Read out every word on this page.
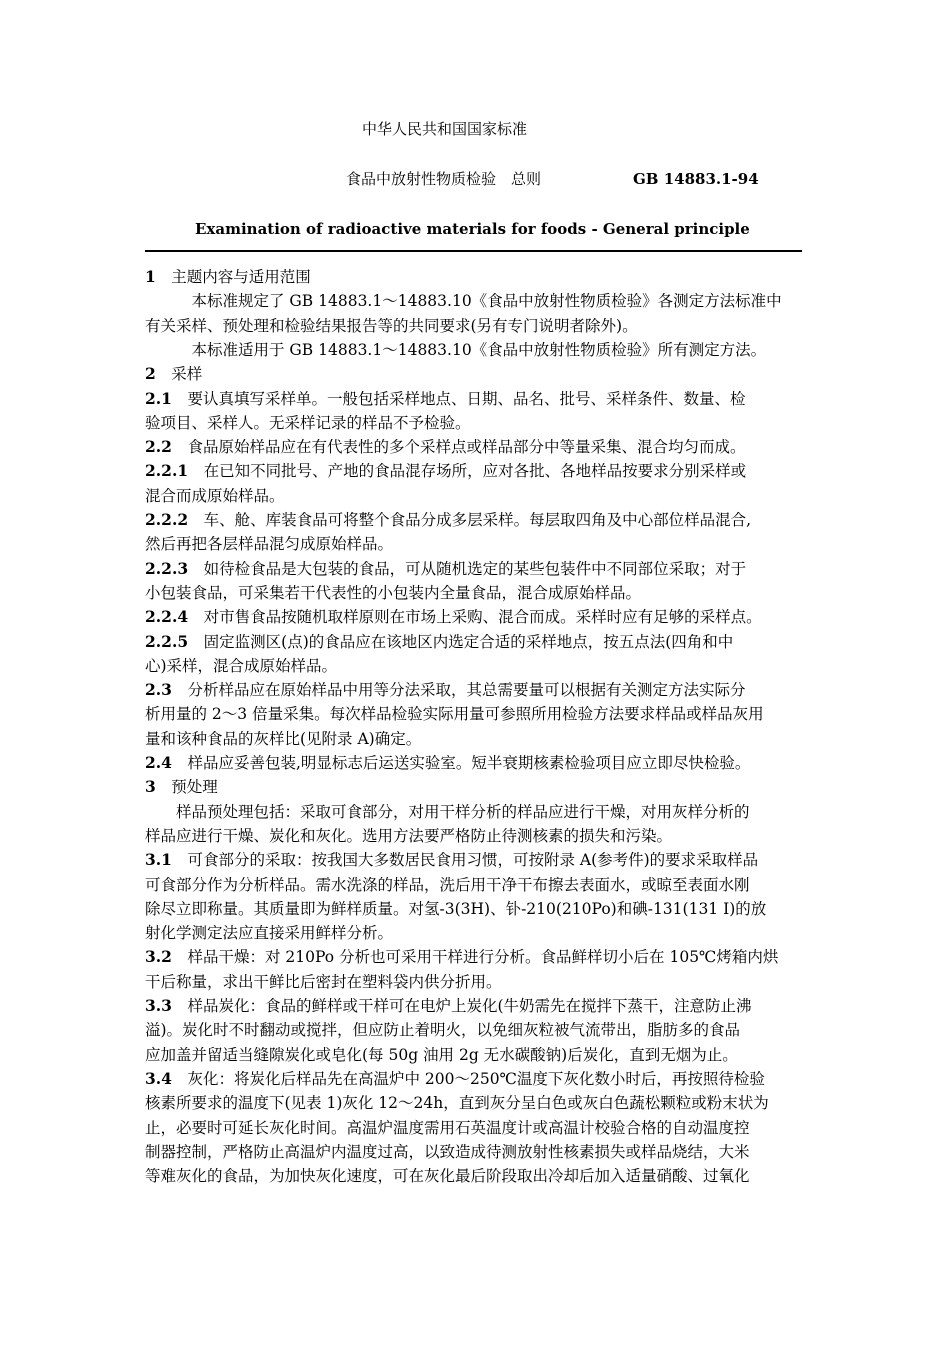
中华人民共和国国家标准
食品中放射性物质检验　总则	GB 14883.1-94
Examination of radioactive materials for foods - General principle
1　主题内容与适用范围
　　　本标准规定了 GB 14883.1～14883.10《食品中放射性物质检验》各测定方法标准中
有关采样、预处理和检验结果报告等的共同要求(另有专门说明者除外)。
　　　本标准适用于 GB 14883.1～14883.10《食品中放射性物质检验》所有测定方法。
2　采样
2.1　要认真填写采样单。一般包括采样地点、日期、品名、批号、采样条件、数量、检
验项目、采样人。无采样记录的样品不予检验。
2.2　食品原始样品应在有代表性的多个采样点或样品部分中等量采集、混合均匀而成。
2.2.1　在已知不同批号、产地的食品混存场所，应对各批、各地样品按要求分别采样或
混合而成原始样品。
2.2.2　车、舱、库装食品可将整个食品分成多层采样。每层取四角及中心部位样品混合,
然后再把各层样品混匀成原始样品。
2.2.3　如待检食品是大包装的食品，可从随机选定的某些包装件中不同部位采取；对于
小包装食品，可采集若干代表性的小包装内全量食品，混合成原始样品。
2.2.4　对市售食品按随机取样原则在市场上采购、混合而成。采样时应有足够的采样点。
2.2.5　固定监测区(点)的食品应在该地区内选定合适的采样地点，按五点法(四角和中
心)采样，混合成原始样品。
2.3　分析样品应在原始样品中用等分法采取，其总需要量可以根据有关测定方法实际分
析用量的 2～3 倍量采集。每次样品检验实际用量可参照所用检验方法要求样品或样品灰用
量和该种食品的灰样比(见附录 A)确定。
2.4　样品应妥善包装,明显标志后运送实验室。短半衰期核素检验项目应立即尽快检验。
3　预处理
　　样品预处理包括：采取可食部分，对用干样分析的样品应进行干燥，对用灰样分析的
样品应进行干燥、炭化和灰化。选用方法要严格防止待测核素的损失和污染。
3.1　可食部分的采取：按我国大多数居民食用习惯，可按附录 A(参考件)的要求采取样品
可食部分作为分析样品。需水洗涤的样品，洗后用干净干布擦去表面水，或晾至表面水刚
除尽立即称量。其质量即为鲜样质量。对氢-3(3H)、钋-210(210Po)和碘-131(131 I)的放
射化学测定法应直接采用鲜样分析。
3.2　样品干燥：对 210Po 分析也可采用干样进行分析。食品鲜样切小后在 105℃烤箱内烘
干后称量，求出干鲜比后密封在塑料袋内供分折用。
3.3　样品炭化：食品的鲜样或干样可在电炉上炭化(牛奶需先在搅拌下蒸干，注意防止沸
溢)。炭化时不时翻动或搅拌，但应防止着明火，以免细灰粒被气流带出，脂肪多的食品
应加盖并留适当缝隙炭化或皂化(每 50g 油用 2g 无水碳酸钠)后炭化，直到无烟为止。
3.4　灰化：将炭化后样品先在高温炉中 200～250℃温度下灰化数小时后，再按照待检验
核素所要求的温度下(见表 1)灰化 12～24h，直到灰分呈白色或灰白色蔬松颗粒或粉末状为
止，必要时可延长灰化时间。高温炉温度需用石英温度计或高温计校验合格的自动温度控
制器控制，严格防止高温炉内温度过高，以致造成待测放射性核素损失或样品烧结，大米
等难灰化的食品，为加快灰化速度，可在灰化最后阶段取出冷却后加入适量硝酸、过氧化
